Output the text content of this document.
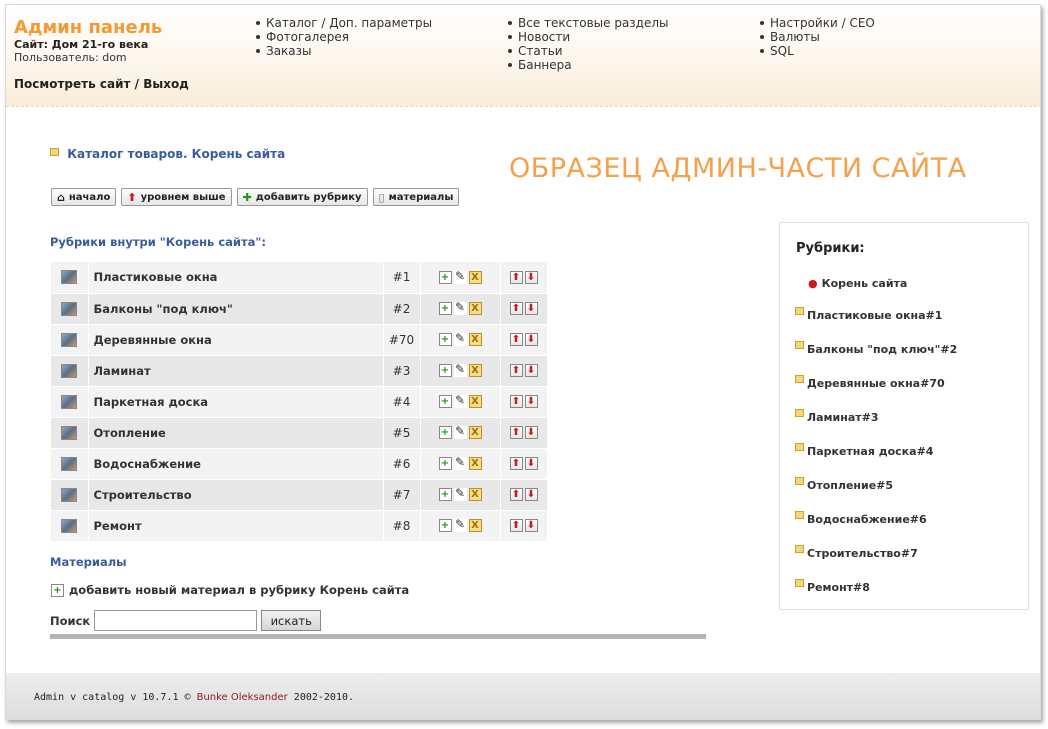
Админ панель
Сайт: Дом 21-го века
Пользователь: dom
Посмотреть сайт / Выход
Каталог / Доп. параметры
Фотогалерея
Заказы
Все текстовые разделы
Новости
Статьи
Баннера
Настройки / CEO
Валюты
SQL
Каталог товаров. Корень сайта	ОБРАЗЕЦ АДМИН-ЧАСТИ САЙТА
⌂ начало ⬆ уровнем выше ✚ добавить рубрику ▯ материалы
Рубрики внутри "Корень сайта":
	Пластиковые окна	#1	+ ✎ X	⬆ ⬇
	Балконы "под ключ"	#2	+ ✎ X	⬆ ⬇
	Деревянные окна	#70	+ ✎ X	⬆ ⬇
	Ламинат	#3	+ ✎ X	⬆ ⬇
	Паркетная доска	#4	+ ✎ X	⬆ ⬇
	Отопление	#5	+ ✎ X	⬆ ⬇
	Водоснабжение	#6	+ ✎ X	⬆ ⬇
	Строительство	#7	+ ✎ X	⬆ ⬇
	Ремонт	#8	+ ✎ X	⬆ ⬇
Материалы
+ добавить новый материал в рубрику Корень сайта
Поиск	искать
Рубрики:
● Корень сайта
Пластиковые окна#1
Балконы "под ключ"#2
Деревянные окна#70
Ламинат#3
Паркетная доска#4
Отопление#5
Водоснабжение#6
Строительство#7
Ремонт#8
Admin v catalog v 10.7.1 © Bunke Oleksander 2002-2010.
